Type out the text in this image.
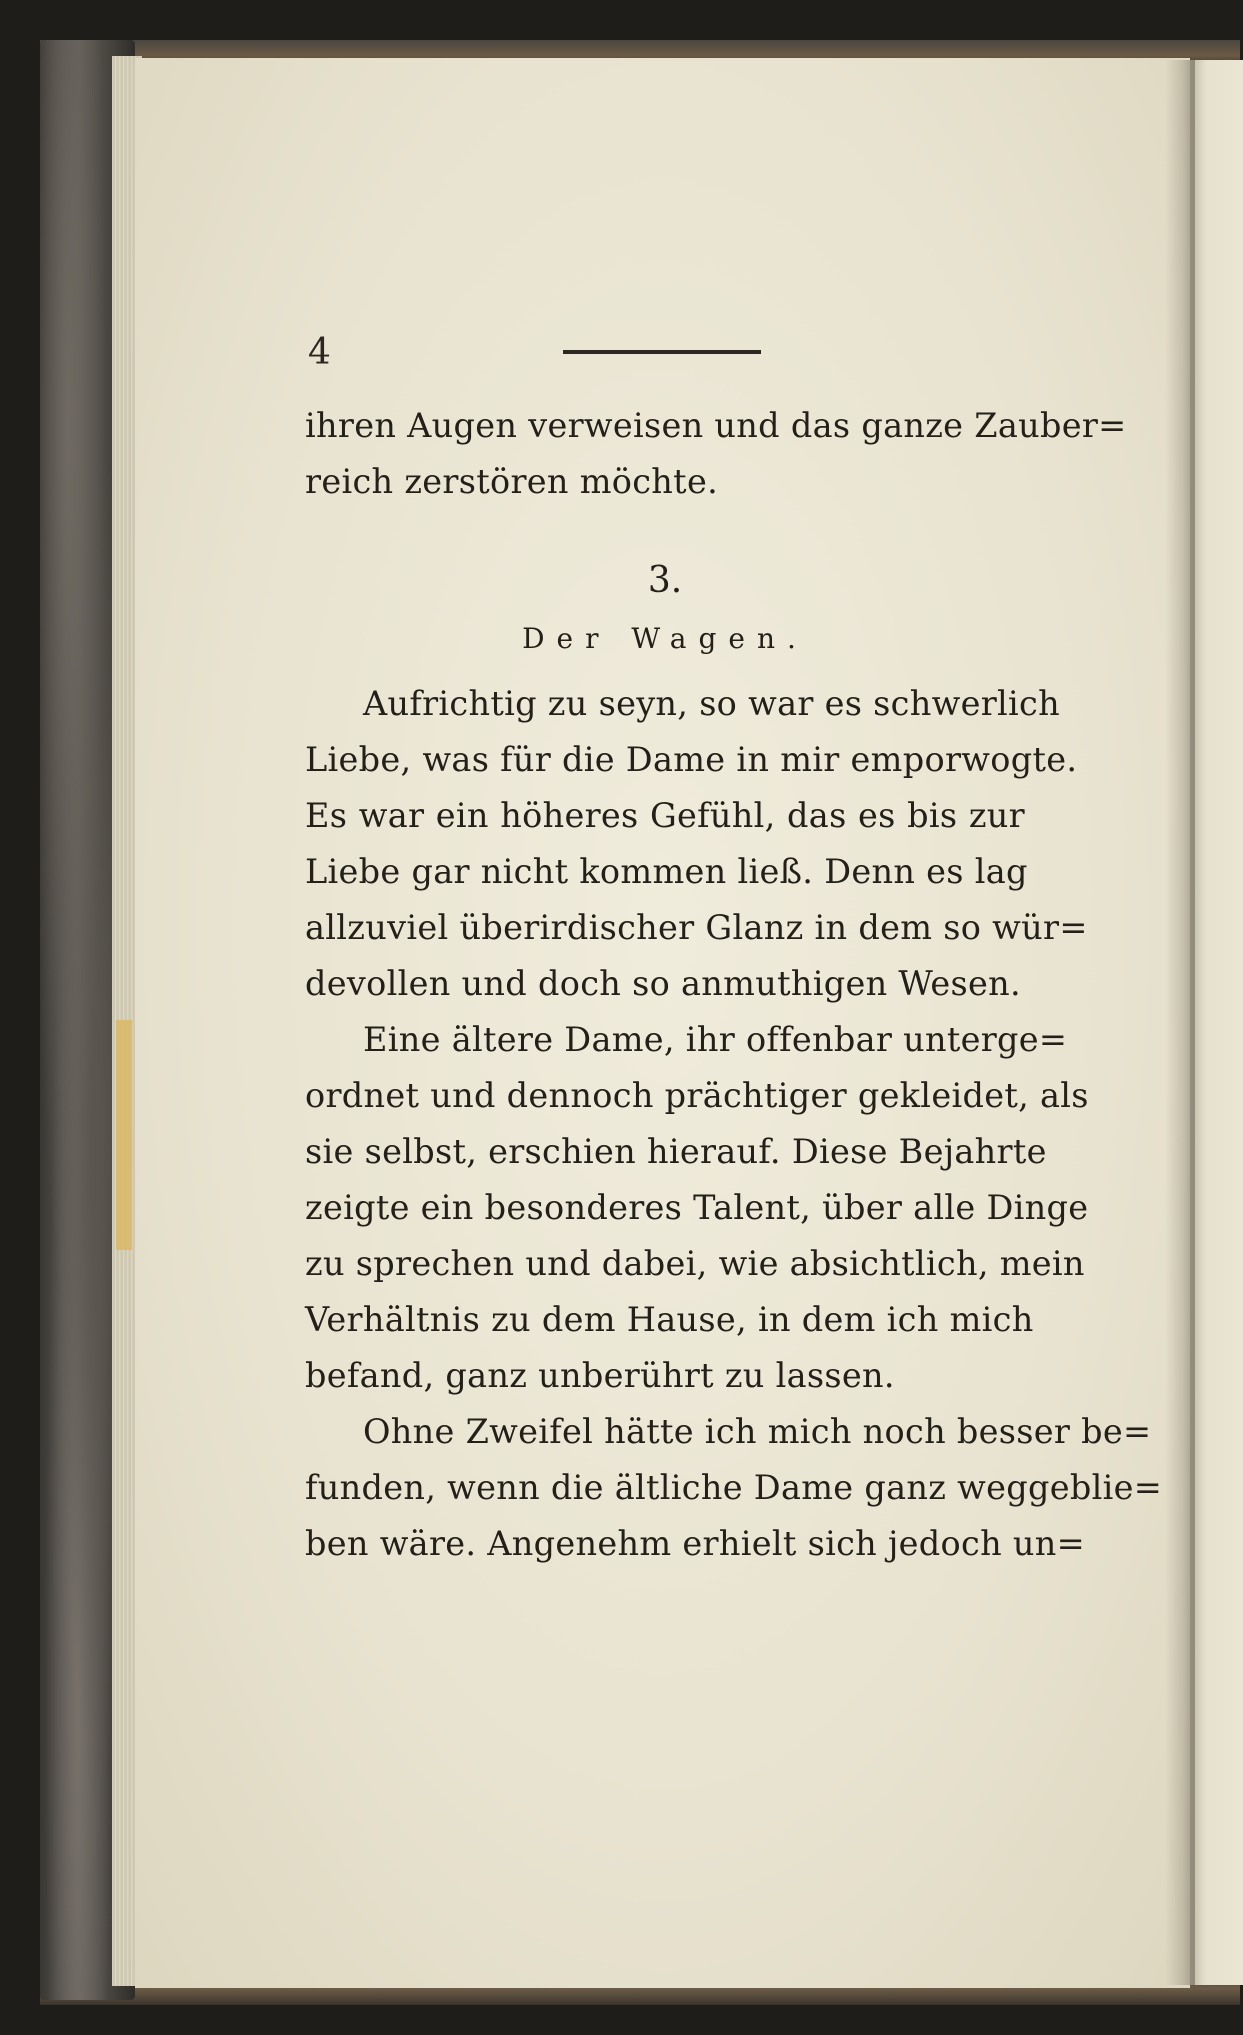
4
ihren Augen verweisen und das ganze Zauber=
reich zerstören möchte.
3.
Der Wagen.
Aufrichtig zu seyn, so war es schwerlich
Liebe, was für die Dame in mir emporwogte.
Es war ein höheres Gefühl, das es bis zur
Liebe gar nicht kommen ließ. Denn es lag
allzuviel überirdischer Glanz in dem so wür=
devollen und doch so anmuthigen Wesen.
Eine ältere Dame, ihr offenbar unterge=
ordnet und dennoch prächtiger gekleidet, als
sie selbst, erschien hierauf. Diese Bejahrte
zeigte ein besonderes Talent, über alle Dinge
zu sprechen und dabei, wie absichtlich, mein
Verhältnis zu dem Hause, in dem ich mich
befand, ganz unberührt zu lassen.
Ohne Zweifel hätte ich mich noch besser be=
funden, wenn die ältliche Dame ganz weggeblie=
ben wäre. Angenehm erhielt sich jedoch un=
